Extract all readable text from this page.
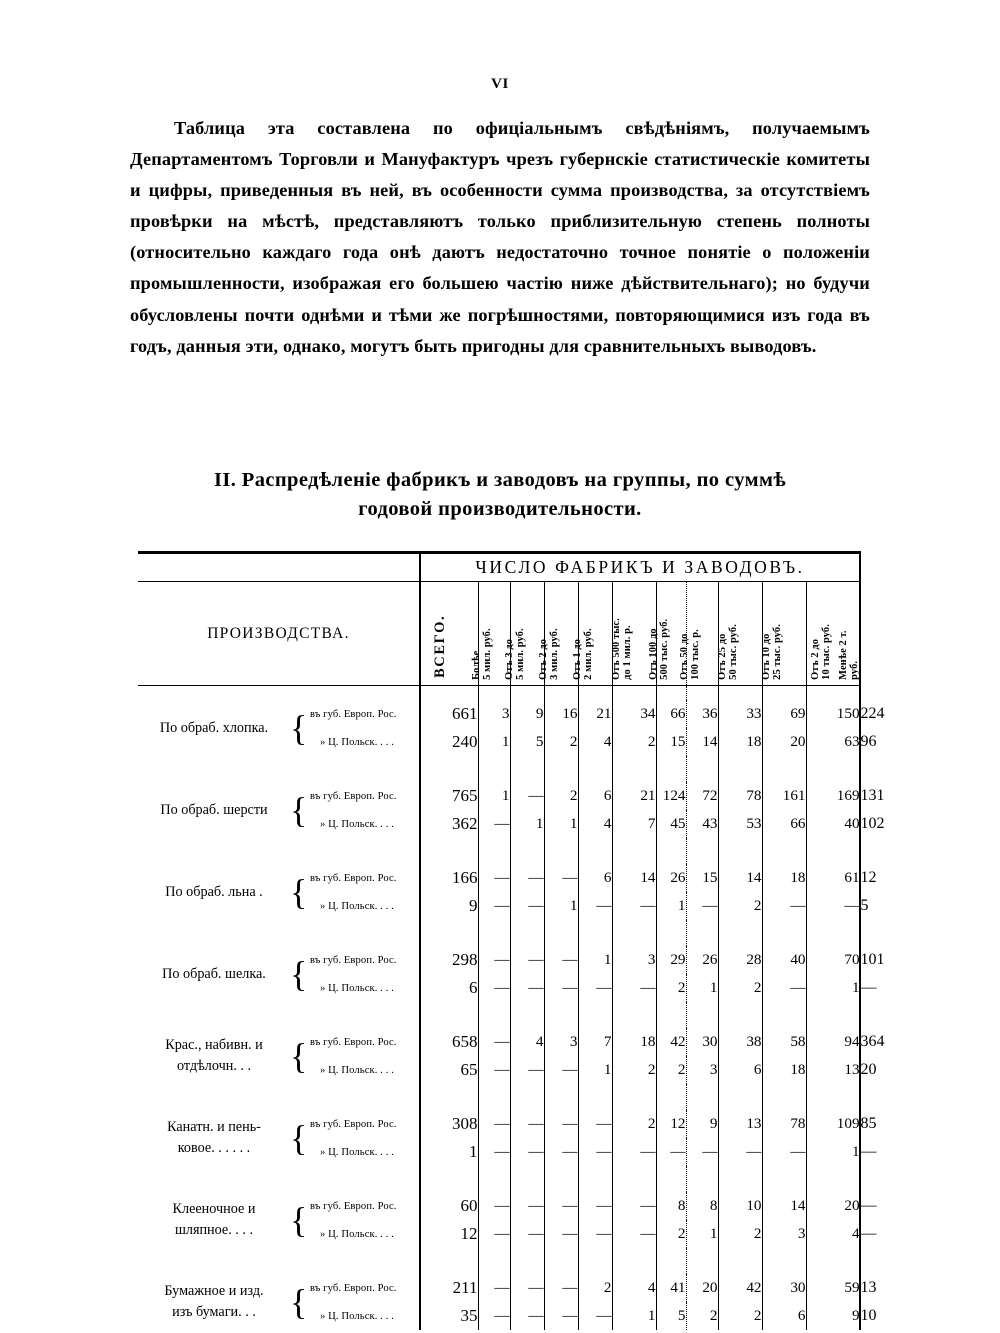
VI
Таблица эта составлена по офиціальнымъ свѣдѣніямъ, получаемымъ Департаментомъ Торговли и Мануфактуръ чрезъ губернскіе статистическіе комитеты и цифры, приведенныя въ ней, въ особенности сумма производства, за отсутствіемъ провѣрки на мѣстѣ, представляютъ только приблизительную степень полноты (относительно каждаго года онѣ даютъ недостаточно точное понятіе о положеніи промышленности, изображая его большею частію ниже дѣйствительнаго); но будучи обусловлены почти однѣми и тѣми же погрѣшностями, повторяющимися изъ года въ годъ, данныя эти, однако, могутъ быть пригодны для сравнительныхъ выводовъ.
II. Распредѣленіе фабрикъ и заводовъ на группы, по суммѣ
годовой производительности.
			ЧИСЛО ФАБРИКЪ И ЗАВОДОВЪ.											
ПРОИЗВОДСТВА.			ВСЕГО.	Болѣе 5 мил. руб.	Отъ 3 до 5 мил. руб.	Отъ 2 до 3 мил. руб.	Отъ 1 до 2 мил. руб.	Отъ 500 тыс. до 1 мил. р.	Отъ 100 до 500 тыс. руб.	Отъ 50 до 100 тыс. р.	Отъ 25 до 50 тыс. руб.	Отъ 10 до 25 тыс. руб.	Отъ 2 до 10 тыс. руб.	Менѣе 2 т. руб.

По обраб. хлопка.	{	въ губ. Европ. Рос.	661	3	9	16	21	34	66	36	33	69	150	224
		» Ц. Польск. . . .	240	1	5	2	4	2	15	14	18	20	63	96

По обраб. шерсти	{	въ губ. Европ. Рос.	765	1	—	2	6	21	124	72	78	161	169	131
		» Ц. Польск. . . .	362	—	1	1	4	7	45	43	53	66	40	102

По обраб. льна .	{	въ губ. Европ. Рос.	166	—	—	—	6	14	26	15	14	18	61	12
		» Ц. Польск. . . .	9	—	—	1	—	—	1	—	2	—	—	5

По обраб. шелка.	{	въ губ. Европ. Рос.	298	—	—	—	1	3	29	26	28	40	70	101
		» Ц. Польск. . . .	6	—	—	—	—	—	2	1	2	—	1	—

Крас., набивн. и
отдѣлочн. . .	{	въ губ. Европ. Рос.	658	—	4	3	7	18	42	30	38	58	94	364
		» Ц. Польск. . . .	65	—	—	—	1	2	2	3	6	18	13	20

Канатн. и пень-
ковое. . . . . .	{	въ губ. Европ. Рос.	308	—	—	—	—	2	12	9	13	78	109	85
		» Ц. Польск. . . .	1	—	—	—	—	—	—	—	—	—	1	—

Клееночное и
шляпное. . . .	{	въ губ. Европ. Рос.	60	—	—	—	—	—	8	8	10	14	20	—
		» Ц. Польск. . . .	12	—	—	—	—	—	2	1	2	3	4	—

Бумажное и изд.
изъ бумаги. . .	{	въ губ. Европ. Рос.	211	—	—	—	2	4	41	20	42	30	59	13
		» Ц. Польск. . . .	35	—	—	—	—	1	5	2	2	6	9	10
